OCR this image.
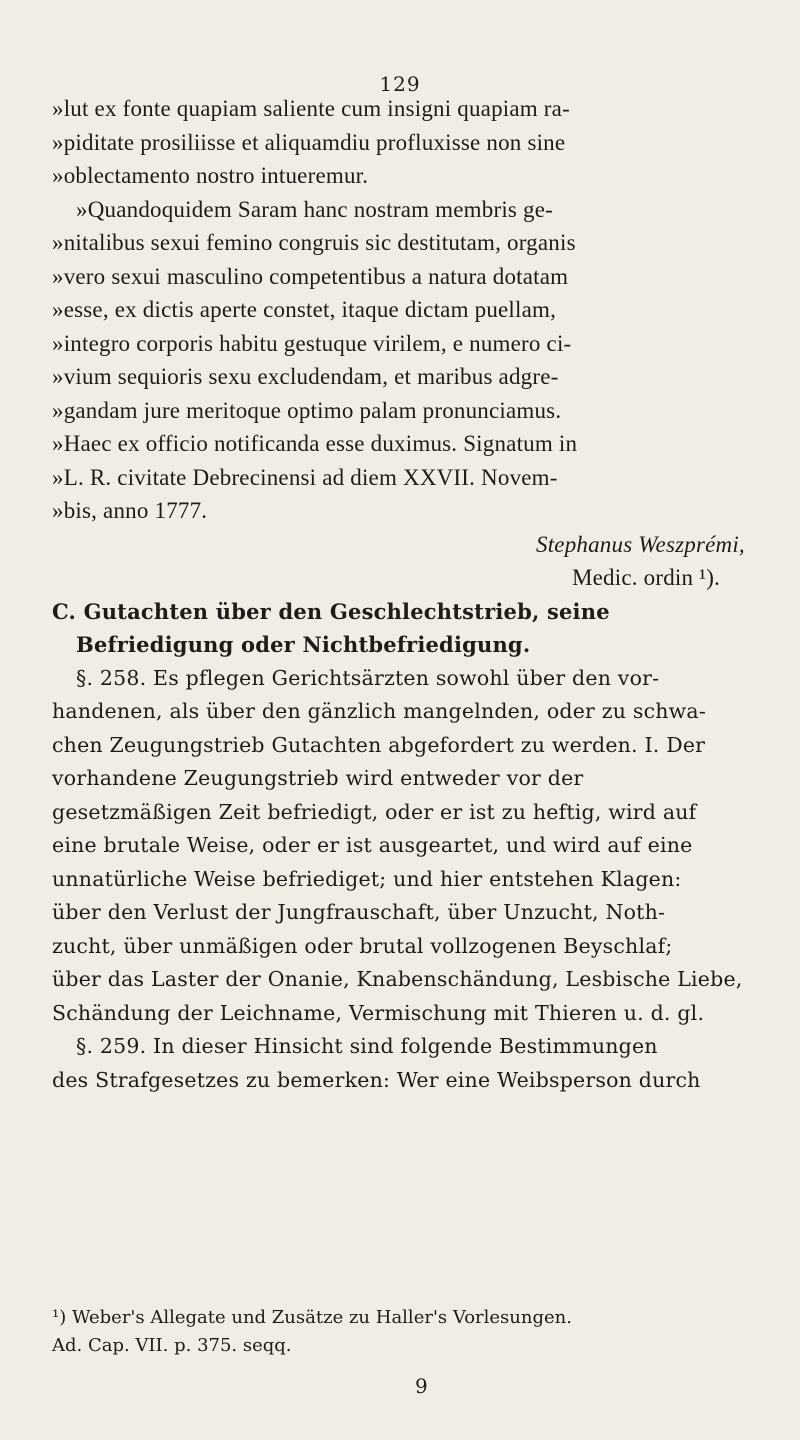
129
»lut ex fonte quapiam saliente cum insigni quapiam ra-
»piditate prosiliisse et aliquamdiu profluxisse non sine
»oblectamento nostro intueremur.
»Quandoquidem Saram hanc nostram membris ge-
»nitalibus sexui femino congruis sic destitutam, organis
»vero sexui masculino competentibus a natura dotatam
»esse, ex dictis aperte constet, itaque dictam puellam,
»integro corporis habitu gestuque virilem, e numero ci-
»vium sequioris sexu excludendam, et maribus adgre-
»gandam jure meritoque optimo palam pronunciamus.
»Haec ex officio notificanda esse duximus. Signatum in
»L. R. civitate Debrecinensi ad diem XXVII. Novem-
»bis, anno 1777.
Stephanus Weszprémi,
Medic. ordin ¹).
C. Gutachten über den Geschlechtstrieb, seine
Befriedigung oder Nichtbefriedigung.
§. 258. Es pflegen Gerichtsärzten sowohl über den vor-
handenen, als über den gänzlich mangelnden, oder zu schwa-
chen Zeugungstrieb Gutachten abgefordert zu werden. I. Der
vorhandene Zeugungstrieb wird entweder vor der
gesetzmäßigen Zeit befriedigt, oder er ist zu heftig, wird auf
eine brutale Weise, oder er ist ausgeartet, und wird auf eine
unnatürliche Weise befriediget; und hier entstehen Klagen:
über den Verlust der Jungfrauschaft, über Unzucht, Noth-
zucht, über unmäßigen oder brutal vollzogenen Beyschlaf;
über das Laster der Onanie, Knabenschändung, Lesbische Liebe,
Schändung der Leichname, Vermischung mit Thieren u. d. gl.
§. 259. In dieser Hinsicht sind folgende Bestimmungen
des Strafgesetzes zu bemerken: Wer eine Weibsperson durch
¹) Weber's Allegate und Zusätze zu Haller's Vorlesungen.
Ad. Cap. VII. p. 375. seqq.
9
